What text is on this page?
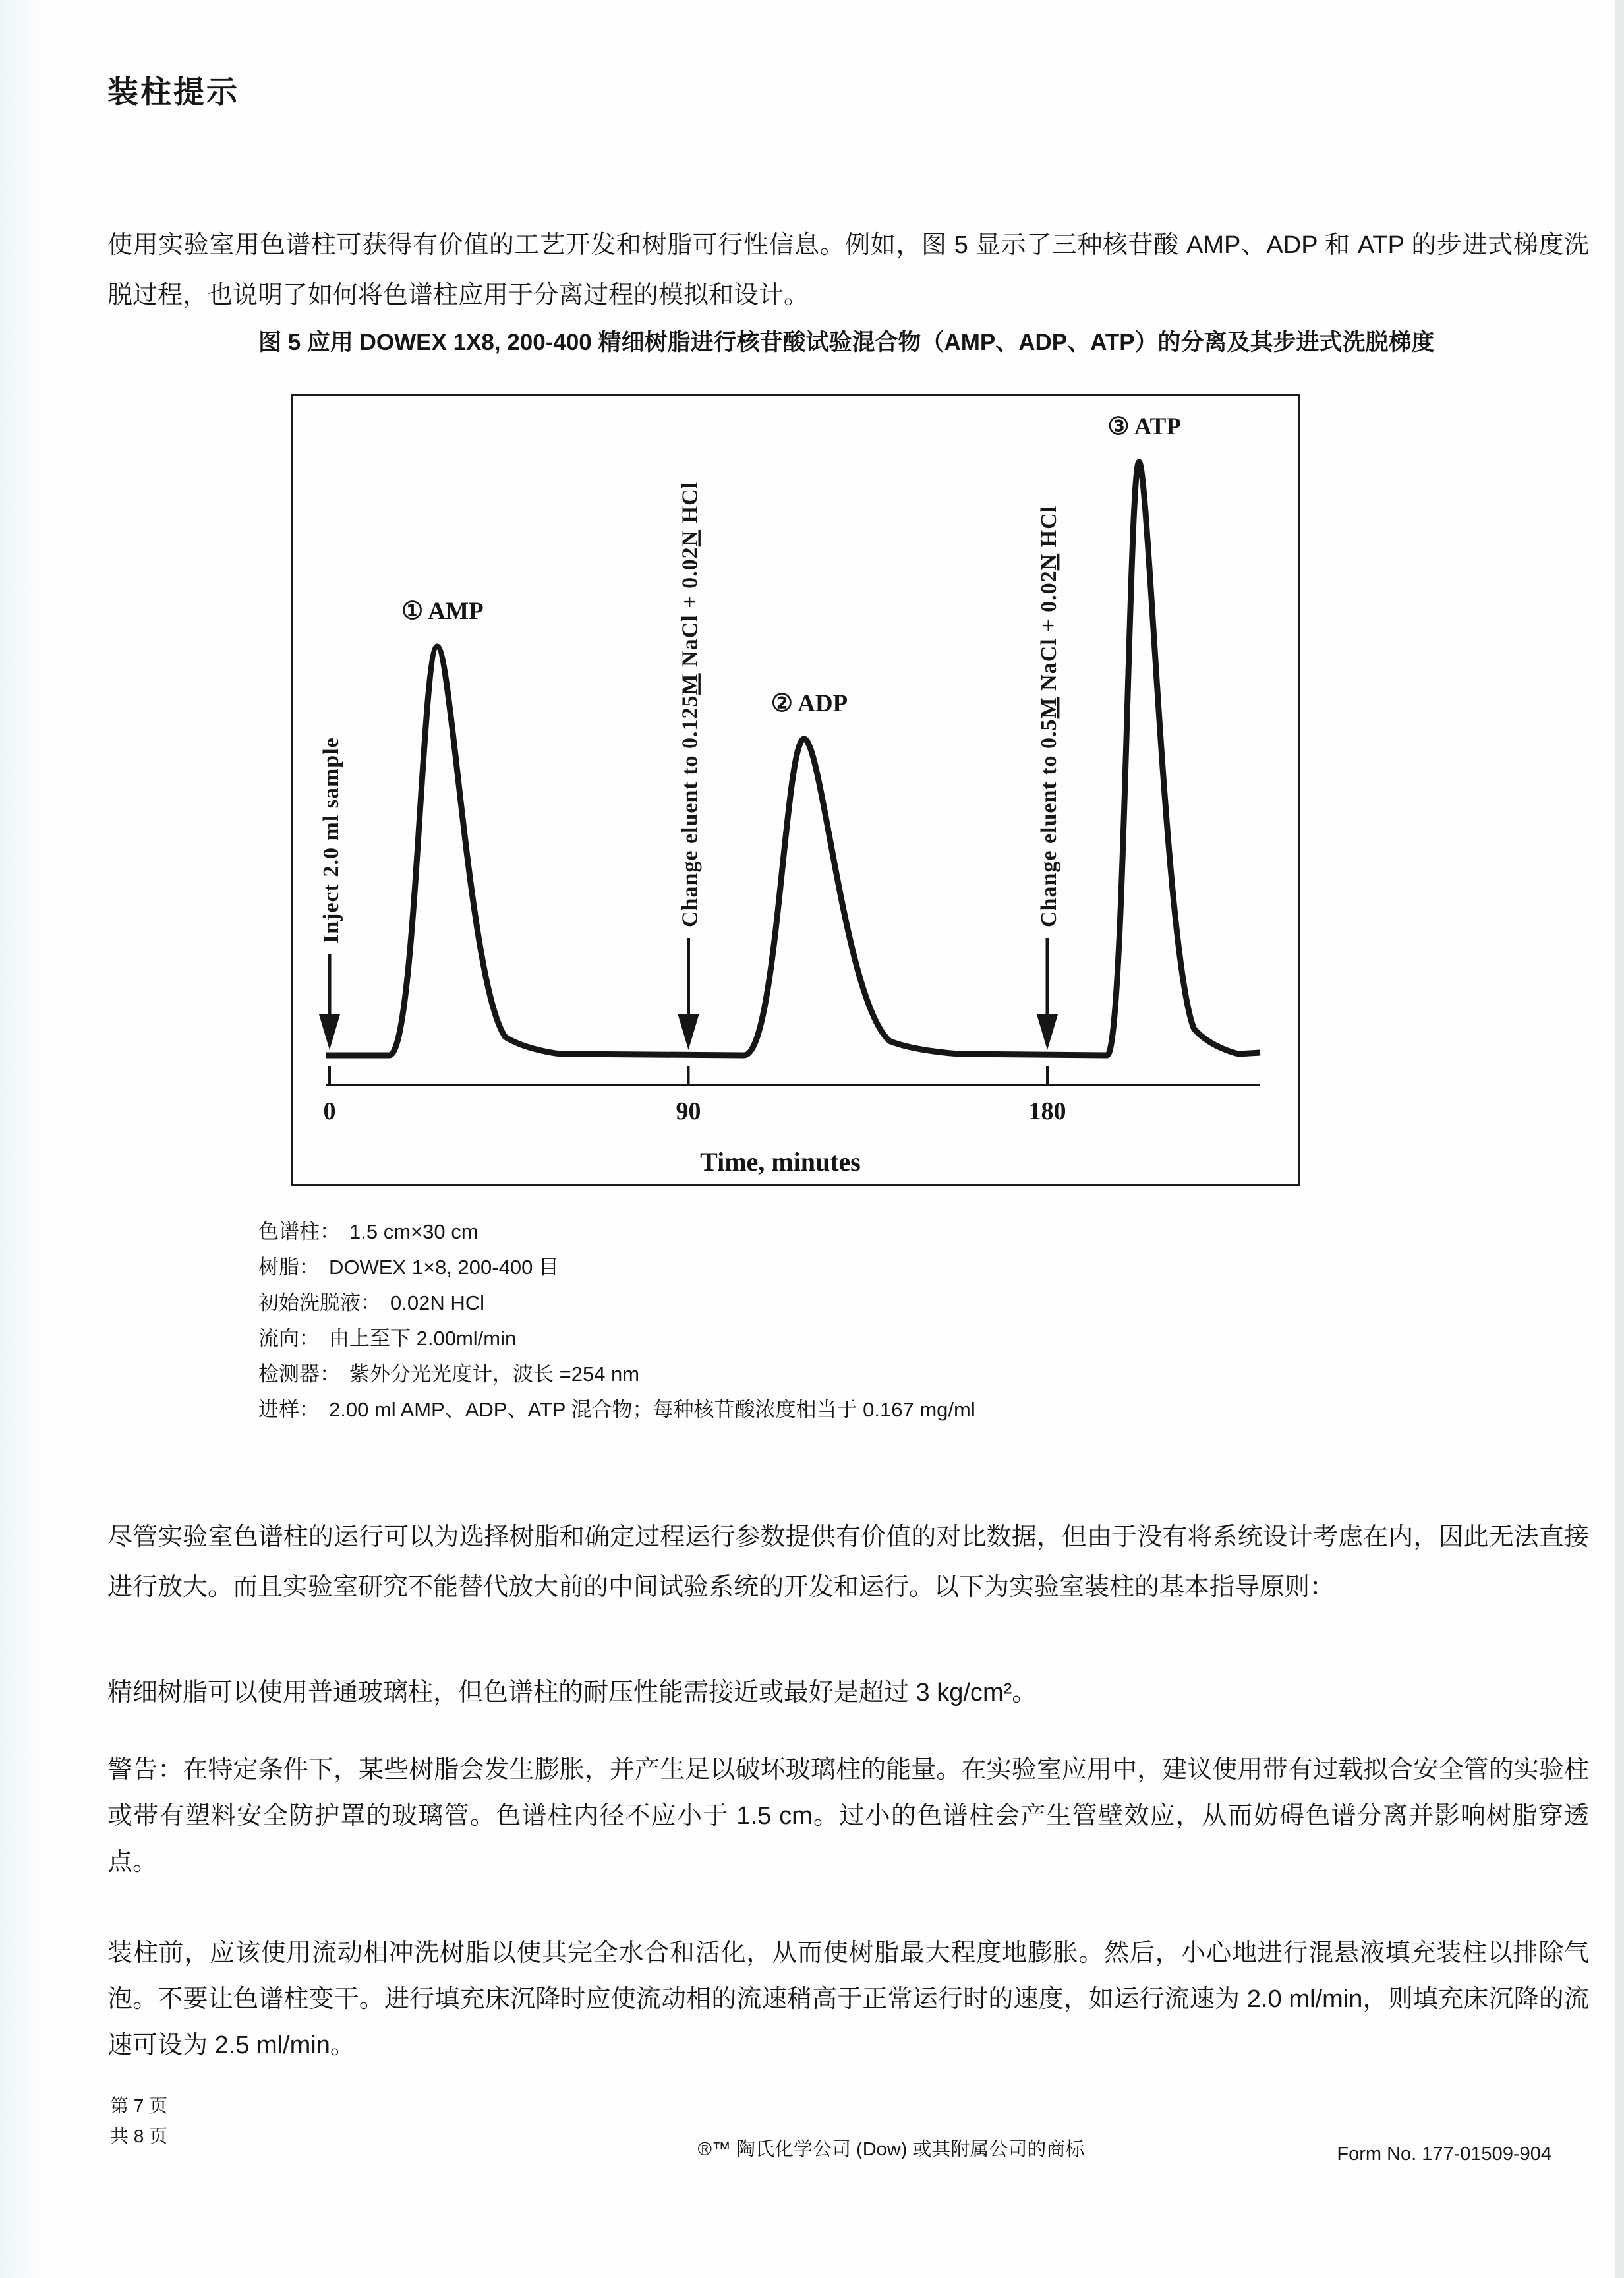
装柱提示

使用实验室用色谱柱可获得有价值的工艺开发和树脂可行性信息。例如，图 5 显示了三种核苷酸 AMP、ADP 和 ATP 的步进式梯度洗脱过程，也说明了如何将色谱柱应用于分离过程的模拟和设计。

图 5 应用 DOWEX 1X8, 200-400 精细树脂进行核苷酸试验混合物（AMP、ADP、ATP）的分离及其步进式洗脱梯度
0	90	180
Time, minutes
① AMP
② ADP
③ ATP
Inject 2.0 ml sample	Change eluent to 0.125M NaCl + 0.02N HCl
Change eluent to 0.5M NaCl + 0.02N HCl
色谱柱： 1.5 cm×30 cm
树脂： DOWEX 1×8, 200-400 目
初始洗脱液： 0.02N HCl
流向： 由上至下 2.00ml/min
检测器： 紫外分光光度计，波长 =254 nm
进样： 2.00 ml AMP、ADP、ATP 混合物；每种核苷酸浓度相当于 0.167 mg/ml

尽管实验室色谱柱的运行可以为选择树脂和确定过程运行参数提供有价值的对比数据，但由于没有将系统设计考虑在内，因此无法直接进行放大。而且实验室研究不能替代放大前的中间试验系统的开发和运行。以下为实验室装柱的基本指导原则：

精细树脂可以使用普通玻璃柱，但色谱柱的耐压性能需接近或最好是超过 3 kg/cm²。

警告：在特定条件下，某些树脂会发生膨胀，并产生足以破坏玻璃柱的能量。在实验室应用中，建议使用带有过载拟合安全管的实验柱或带有塑料安全防护罩的玻璃管。色谱柱内径不应小于 1.5 cm。过小的色谱柱会产生管壁效应，从而妨碍色谱分离并影响树脂穿透点。

装柱前，应该使用流动相冲洗树脂以使其完全水合和活化，从而使树脂最大程度地膨胀。然后，小心地进行混悬液填充装柱以排除气泡。不要让色谱柱变干。进行填充床沉降时应使流动相的流速稍高于正常运行时的速度，如运行流速为 2.0 ml/min，则填充床沉降的流速可设为 2.5 ml/min。

第 7 页
共 8 页
®™ 陶氏化学公司 (Dow) 或其附属公司的商标	Form No. 177-01509-904
